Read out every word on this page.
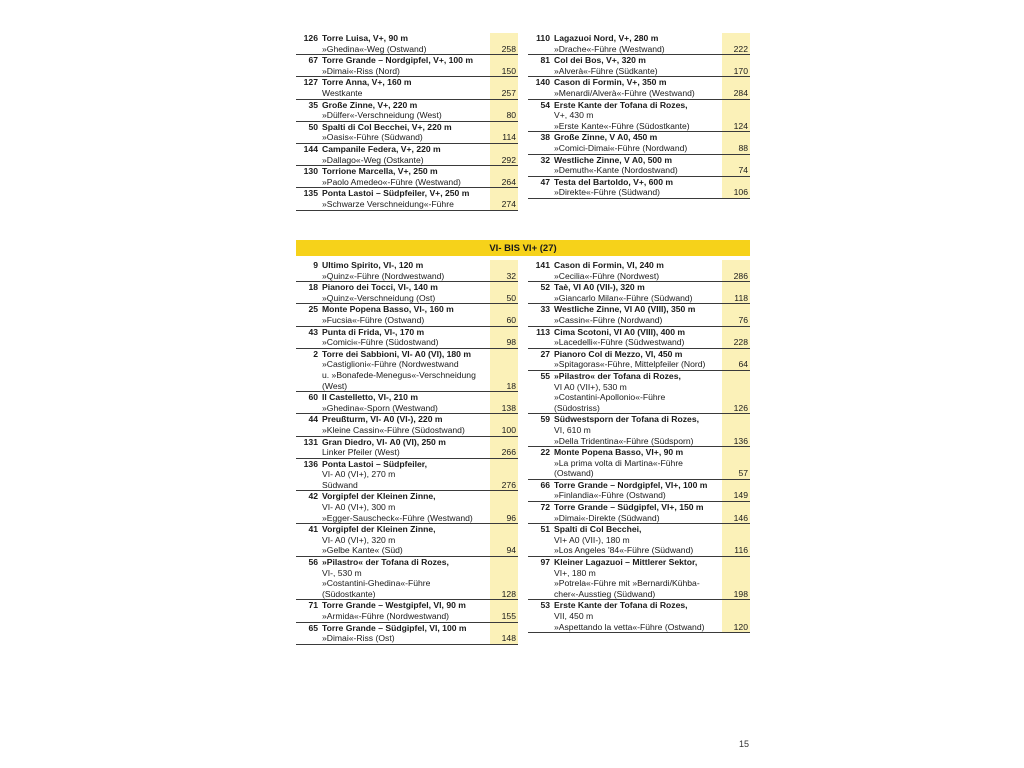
126 Torre Luisa, V+, 90 m
»Ghedina«-Weg (Ostwand)	258
67 Torre Grande – Nordgipfel, V+, 100 m
»Dimai«-Riss (Nord)	150
127 Torre Anna, V+, 160 m
Westkante	257
35 Große Zinne, V+, 220 m
»Dülfer«-Verschneidung (West)	80
50 Spalti di Col Becchei, V+, 220 m
»Oasis«-Führe (Südwand)	114
144 Campanile Federa, V+, 220 m
»Dallago«-Weg (Ostkante)	292
130 Torrione Marcella, V+, 250 m
»Paolo Amedeo«-Führe (Westwand)	264
135 Ponta Lastoi – Südpfeiler, V+, 250 m
»Schwarze Verschneidung«-Führe	274
110 Lagazuoi Nord, V+, 280 m
»Drache«-Führe (Westwand)	222
81 Col dei Bos, V+, 320 m
»Alverà«-Führe (Südkante)	170
140 Cason di Formin, V+, 350 m
»Menardi/Alverà«-Führe (Westwand)	284
54 Erste Kante der Tofana di Rozes,
V+, 430 m
»Erste Kante«-Führe (Südostkante)	124
38 Große Zinne, V A0, 450 m
»Comici-Dimai«-Führe (Nordwand)	88
32 Westliche Zinne, V A0, 500 m
»Demuth«-Kante (Nordostwand)	74
47 Testa del Bartoldo, V+, 600 m
»Direkte«-Führe (Südwand)	106
VI- BIS VI+ (27)
9 Ultimo Spirito, VI-, 120 m
»Quinz«-Führe (Nordwestwand)	32
18 Pianoro dei Tocci, VI-, 140 m
»Quinz«-Verschneidung (Ost)	50
25 Monte Popena Basso, VI-, 160 m
»Fucsia«-Führe (Ostwand)	60
43 Punta di Frida, VI-, 170 m
»Comici«-Führe (Südostwand)	98
2 Torre dei Sabbioni, VI- A0 (VI), 180 m
»Castiglioni«-Führe (Nordwestwand
u. »Bonafede-Menegus«-Verschneidung
(West)	18
60 Il Castelletto, VI-, 210 m
»Ghedina«-Sporn (Westwand)	138
44 Preußturm, VI- A0 (VI-), 220 m
»Kleine Cassin«-Führe (Südostwand)	100
131 Gran Diedro, VI- A0 (VI), 250 m
Linker Pfeiler (West)	266
136 Ponta Lastoi – Südpfeiler,
VI- A0 (VI+), 270 m
Südwand	276
42 Vorgipfel der Kleinen Zinne,
VI- A0 (VI+), 300 m
»Egger-Sauscheck«-Führe (Westwand)	96
41 Vorgipfel der Kleinen Zinne,
VI- A0 (VI+), 320 m
»Gelbe Kante« (Süd)	94
56 »Pilastro« der Tofana di Rozes,
VI-, 530 m
»Costantini-Ghedina«-Führe (Südostkante)	128
71 Torre Grande – Westgipfel, VI, 90 m
»Armida«-Führe (Nordwestwand)	155
65 Torre Grande – Südgipfel, VI, 100 m
»Dimai«-Riss (Ost)	148
141 Cason di Formin, VI, 240 m
»Cecilia«-Führe (Nordwest)	286
52 Taè, VI A0 (VII-), 320 m
»Giancarlo Milan«-Führe (Südwand)	118
33 Westliche Zinne, VI A0 (VIII), 350 m
»Cassin«-Führe (Nordwand)	76
113 Cima Scotoni, VI A0 (VIII), 400 m
»Lacedelli«-Führe (Südwestwand)	228
27 Pianoro Col di Mezzo, VI, 450 m
»Spitagoras«-Führe, Mittelpfeiler (Nord)	64
55 »Pilastro« der Tofana di Rozes,
VI A0 (VII+), 530 m
»Costantini-Apollonio«-Führe
(Südostriss)	126
59 Südwestsporn der Tofana di Rozes,
VI, 610 m
»Della Tridentina«-Führe (Südsporn)	136
22 Monte Popena Basso, VI+, 90 m
»La prima volta di Martina«-Führe
(Ostwand)	57
66 Torre Grande – Nordgipfel, VI+, 100 m
»Finlandia«-Führe (Ostwand)	149
72 Torre Grande – Südgipfel, VI+, 150 m
»Dimai«-Direkte (Südwand)	146
51 Spalti di Col Becchei,
VI+ A0 (VII-), 180 m
»Los Angeles '84«-Führe (Südwand)	116
97 Kleiner Lagazuoi – Mittlerer Sektor,
VI+, 180 m
»Potrela«-Führe mit »Bernardi/Kühba-
cher«-Ausstieg (Südwand)	198
53 Erste Kante der Tofana di Rozes,
VII, 450 m
»Aspettando la vetta«-Führe (Ostwand)	120
15
